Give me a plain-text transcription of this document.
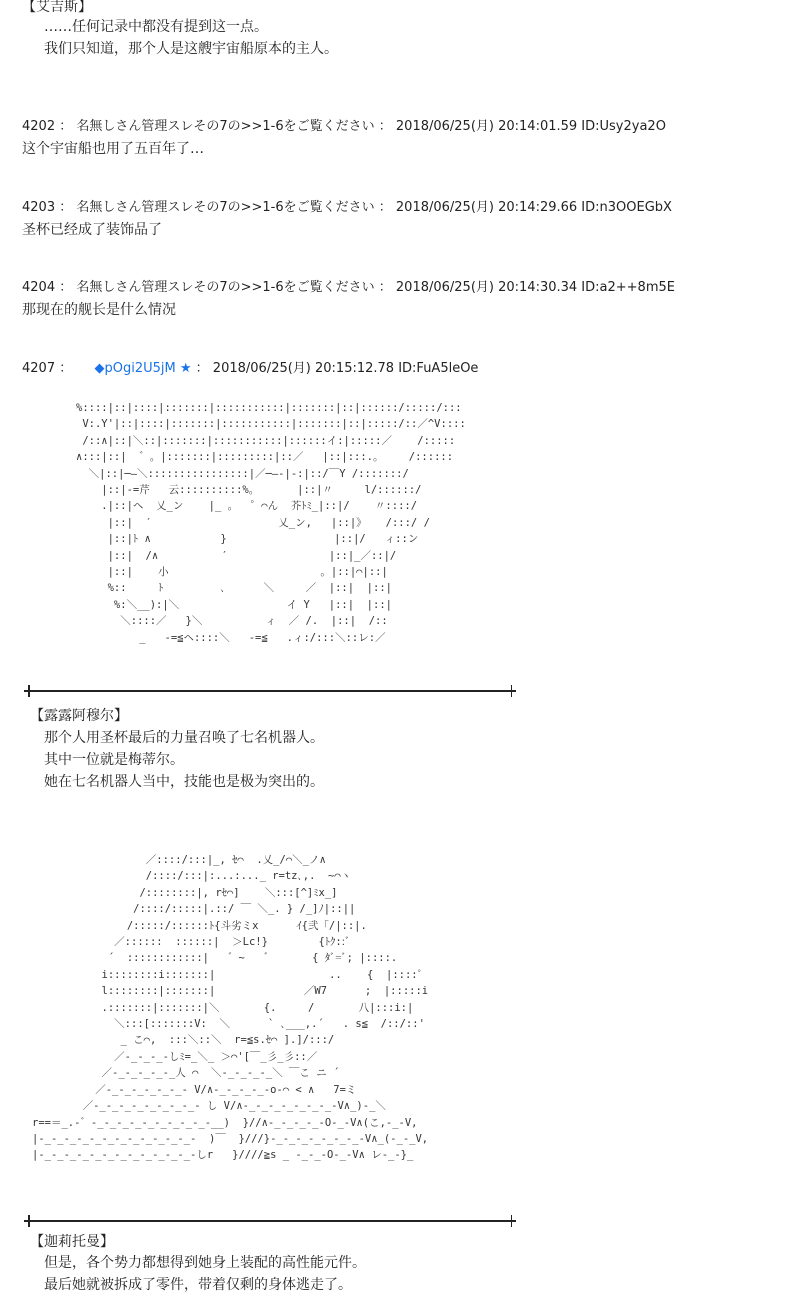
【艾吉斯】
……任何记录中都没有提到这一点。
我们只知道，那个人是这艘宇宙船原本的主人。
4202 ： 名無しさん管理スレその7の>>1-6をご覧ください ： 2018/06/25(月) 20:14:01.59 ID:Usy2ya2O
这个宇宙船也用了五百年了…
4203 ： 名無しさん管理スレその7の>>1-6をご覧ください ： 2018/06/25(月) 20:14:29.66 ID:n3OOEGbX
圣杯已经成了装饰品了
4204 ： 名無しさん管理スレその7の>>1-6をご覧ください ： 2018/06/25(月) 20:14:30.34 ID:a2++8m5E
那现在的舰长是什么情况
4207 ： ◆pOgi2U5jM ★ ： 2018/06/25(月) 20:15:12.78 ID:FuA5leOe
%::::|::|::::|:::::::|:::::::::::|:::::::|::|::::::/:::::/:::
V:.Y'|::|::::|:::::::|:::::::::::|:::::::|::|:::::/::／^V::::
/::∧|::|＼::|:::::::|:::::::::::|::::::イ:|:::::／    /:::::
∧:::|::|  ゛。|:::::::|:::::::::|::／   |::|:::.。    /::::::
＼|::|─―＼::::::::::::::::|／─―‐|-:|::/￣Y /:::::::/
|::|-=芹   云::::::::::%。      |::|〃     l/::::::/
.|::|ヘ  乂_ン    |_ 。  ゜⌒ん  芥ﾄﾐ_|::|/    〃::::/
|::|  ′                    乂_ン,   |::|》   /:::/ /
|::|ﾄ ∧           }                 |::|/   ィ::ン
|::|  /∧          ′                |::|_／::|/
|::|    小                        。|::|⌒|::|
%::     ﾄ         ､      ＼     ／  |::|  |::|
%:＼__):|＼                 イ Y   |::|  |::|
＼::::／   }＼          ィ  ／ /.  |::|  /::
_   -=≦ヘ::::＼   -=≦   .ィ:/:::＼::レ:／
【露露阿穆尔】
那个人用圣杯最后的力量召唤了七名机器人。
其中一位就是梅蒂尔。
她在七名机器人当中，技能也是极为突出的。
／::::/:::|_, ｾ⌒  .乂_/⌒＼_ノ∧
/::::/:::|:...:..._ r=tz､,.  ~⌒ヽ
/::::::::|, rｾ⌒]    ＼:::[^]ﾐx_]
/::::/:::::|.::/ ￣ ＼_. } /_]ﾉ|::||
/:::::/::::::ﾄ{斗劣ミx      ｲ{弐「/|::|.
／::::::  ::::::|  ＞Lc!}        {ﾄｸ::ﾞ
´  ::::::::::::|   ゛~   ゛      { ﾀﾞ=ﾞ; |::::.
i::::::::i:::::::|                  ..    {  |::::ﾟ
l::::::::|:::::::|              ／W7      ;  |:::::i
.:::::::|:::::::|＼       {.     /       八|:::i:|
＼:::[:::::::V:  ＼      ` ､___,.´   . s≦  /::/::'
_ こ⌒,  :::＼::＼  r=≦s.ｾ⌒ ].]/:::/
／-_-_-_-しﾐ=_＼_ ＞⌒'[￣_彡_彡::／
／-_-_-_-_-_人 ⌒  ＼-_-_-_-_＼ ￣こ ニ ´
／-_-_-_-_-_-_- V/∧-_-_-_-_-o-⌒ < ∧   7=ミ
／-_-_-_-_-_-_-_-_- し V/∧-_-_-_-_-_-_-_-V∧_)-_＼
r==＝_.-゛-_-_-_-_-_-_-_-_-_-__)  }//∧-_-_-_-_-O-_-V∧(こ,-_-V,
|-_-_-_-_-_-_-_-_-_-_-_-_-  )￣  }///}-_-_-_-_-_-_-_-V∧_(-_-_V,
|-_-_-_-_-_-_-_-_-_-_-_-_-しr   }////≧s _ -_-_-O-_-V∧ レ-_-}_
【迦莉托曼】
但是，各个势力都想得到她身上装配的高性能元件。
最后她就被拆成了零件，带着仅剩的身体逃走了。
